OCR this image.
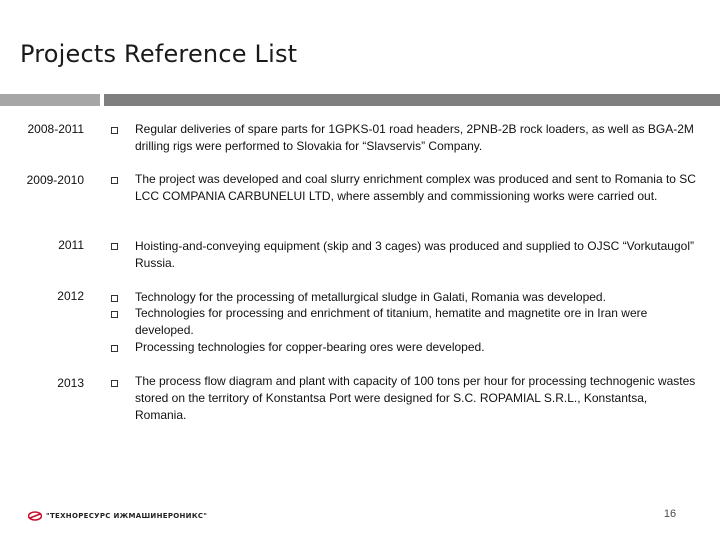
Projects Reference List
2008-2011	Regular deliveries of spare parts for 1GPKS-01 road headers, 2PNB-2B rock loaders, as well as BGA-2M drilling rigs were performed to Slovakia for “Slavservis” Company.
2009-2010	The project was developed and coal slurry enrichment complex was produced and sent to Romania to SC LCC COMPANIA CARBUNELUI LTD, where assembly and commissioning works were carried out.
2011	Hoisting-and-conveying equipment (skip and 3 cages) was produced and supplied to OJSC “Vorkutaugol” Russia.
2012	Technology for the processing of metallurgical sludge in Galati, Romania was developed.
Technologies for processing and enrichment of titanium, hematite and magnetite ore in Iran were developed.
Processing technologies for copper-bearing ores were developed.
2013	The process flow diagram and plant with capacity of 100 tons per hour for processing technogenic wastes stored on the territory of Konstantsa Port were designed for S.C. ROPAMIAL S.R.L., Konstantsa, Romania.
"ТЕХНОРЕСУРС ИЖМАШИНЕРОНИКС"	16
